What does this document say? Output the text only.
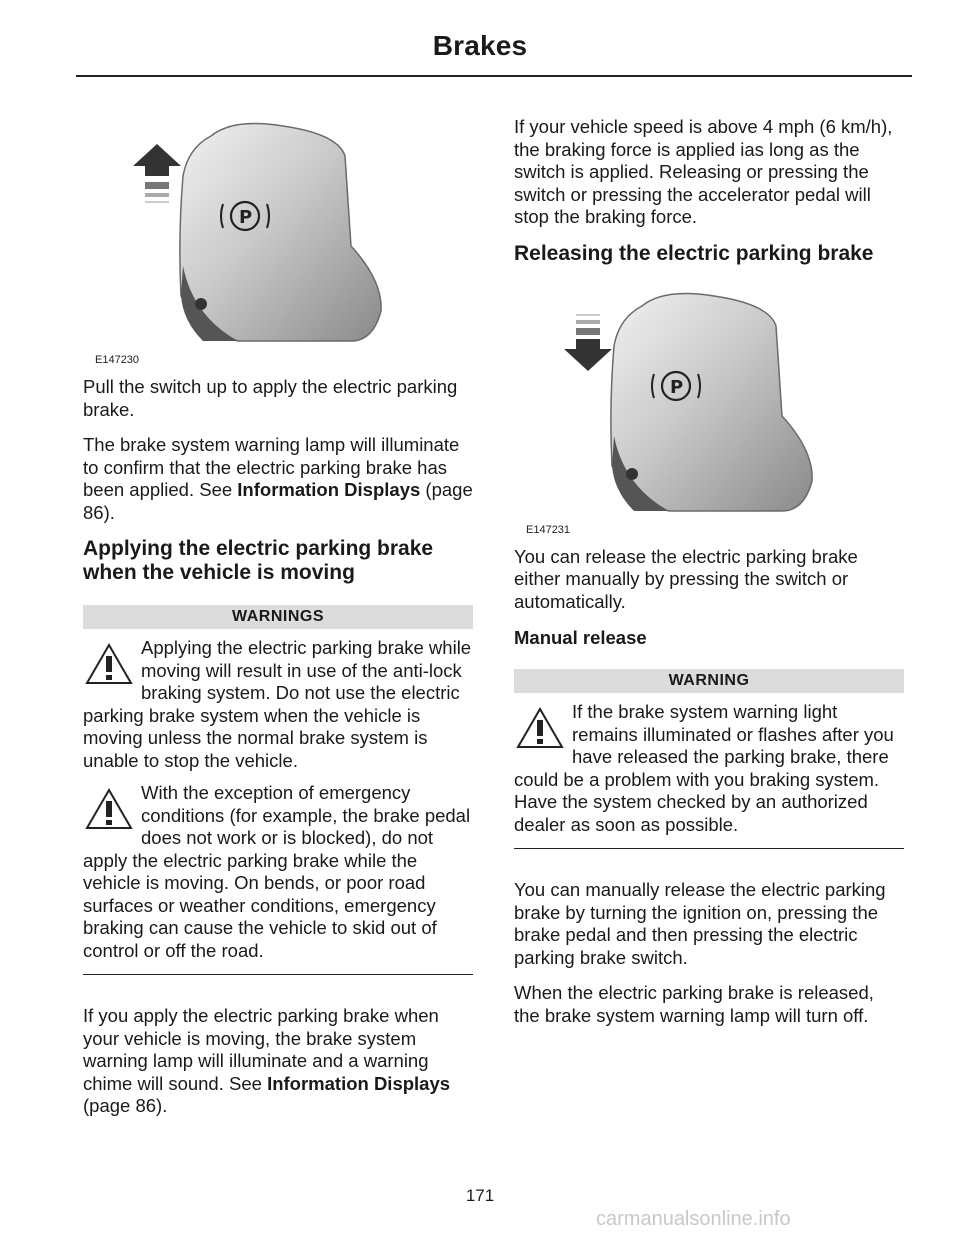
Brakes
P
E147230

Pull the switch up to apply the electric parking brake.

The brake system warning lamp will illuminate to confirm that the electric parking brake has been applied. See Information Displays (page 86).

Applying the electric parking brake when the vehicle is moving
WARNINGS
Applying the electric parking brake while moving will result in use of the anti-lock braking system. Do not use the electric parking brake system when the vehicle is moving unless the normal brake system is unable to stop the vehicle.
With the exception of emergency conditions (for example, the brake pedal does not work or is blocked), do not apply the electric parking brake while the vehicle is moving. On bends, or poor road surfaces or weather conditions, emergency braking can cause the vehicle to skid out of control or off the road.

If you apply the electric parking brake when your vehicle is moving, the brake system warning lamp will illuminate and a warning chime will sound. See Information Displays (page 86).

If your vehicle speed is above 4 mph (6 km/h), the braking force is applied ias long as the switch is applied. Releasing or pressing the switch or pressing the accelerator pedal will stop the braking force.

Releasing the electric parking brake
P
E147231

You can release the electric parking brake either manually by pressing the switch or automatically.

Manual release
WARNING
If the brake system warning light remains illuminated or flashes after you have released the parking brake, there could be a problem with you braking system. Have the system checked by an authorized dealer as soon as possible.

You can manually release the electric parking brake by turning the ignition on, pressing the brake pedal and then pressing the electric parking brake switch.

When the electric parking brake is released, the brake system warning lamp will turn off.

171
carmanualsonline.info
